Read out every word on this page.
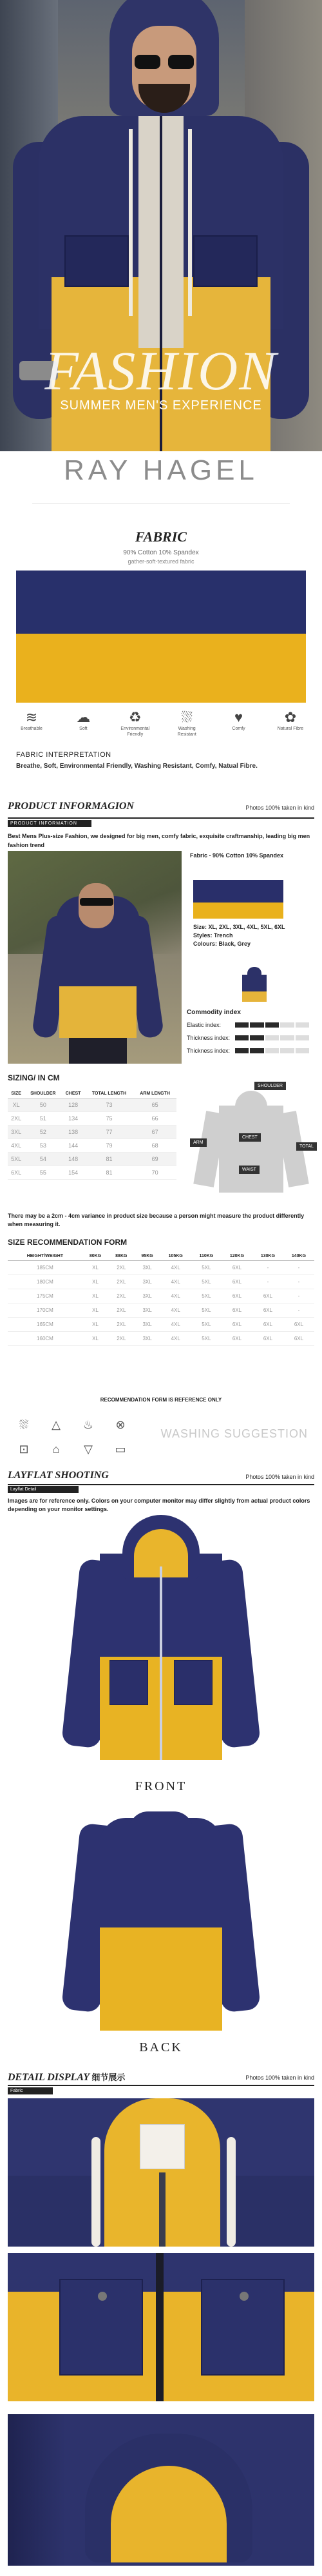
FASHION
SUMMER MEN'S EXPERIENCE
RAY HAGEL
FABRIC
90% Cotton 10% Spandex
gather-soft-textured fabric
≋
Breathable
☁
Soft
♻
Environmental Friendly
⛆
Washing Resistant
♥
Comfy
✿
Natural Fibre
FABRIC INTERPRETATION
Breathe, Soft, Environmental Friendly, Washing Resistant, Comfy, Natual Fibre.
PRODUCT INFORMAGION	Photos 100% taken in kind
PRODUCT INFORMATION
Best Mens Plus-size Fashion, we designed for big men, comfy fabric, exquisite craftmanship, leading big men fashion trend
Fabric - 90% Cotton 10% Spandex
Size: XL, 2XL, 3XL, 4XL, 5XL, 6XL
Styles: Trench
Colours: Black, Grey
Commodity index
Elastic index:
Thickness index:
Thickness index:
SIZING/ IN CM
SIZE	SHOULDER	CHEST	TOTAL LENGTH	ARM LENGTH
XL	50	128	73	65
2XL	51	134	75	66
3XL	52	138	77	67
4XL	53	144	79	68
5XL	54	148	81	69
6XL	55	154	81	70
SHOULDER
CHEST
TOTAL
WAIST
ARM
There may be a 2cm - 4cm variance in product size because a person might measure the product differently when measuring it.
SIZE RECOMMENDATION FORM
HEIGHT/WEIGHT	80KG	88KG	95KG	105KG	110KG	120KG	130KG	140KG
185CM	XL	2XL	3XL	4XL	5XL	6XL	-	-
180CM	XL	2XL	3XL	4XL	5XL	6XL	-	-
175CM	XL	2XL	3XL	4XL	5XL	6XL	6XL	-
170CM	XL	2XL	3XL	4XL	5XL	6XL	6XL	-
165CM	XL	2XL	3XL	4XL	5XL	6XL	6XL	6XL
160CM	XL	2XL	3XL	4XL	5XL	6XL	6XL	6XL
RECOMMENDATION FORM IS REFERENCE ONLY
⛆	△	♨	⊗
⊡	⌂	▽	▭
WASHING SUGGESTION
LAYFLAT SHOOTING	Photos 100% taken in kind
Layflat Detail
Images are for reference only. Colors on your computer monitor may differ slightly from actual product colors depending on your monitor settings.
FRONT
BACK
DETAIL DISPLAY 细节展示	Photos 100% taken in kind
Fabric
